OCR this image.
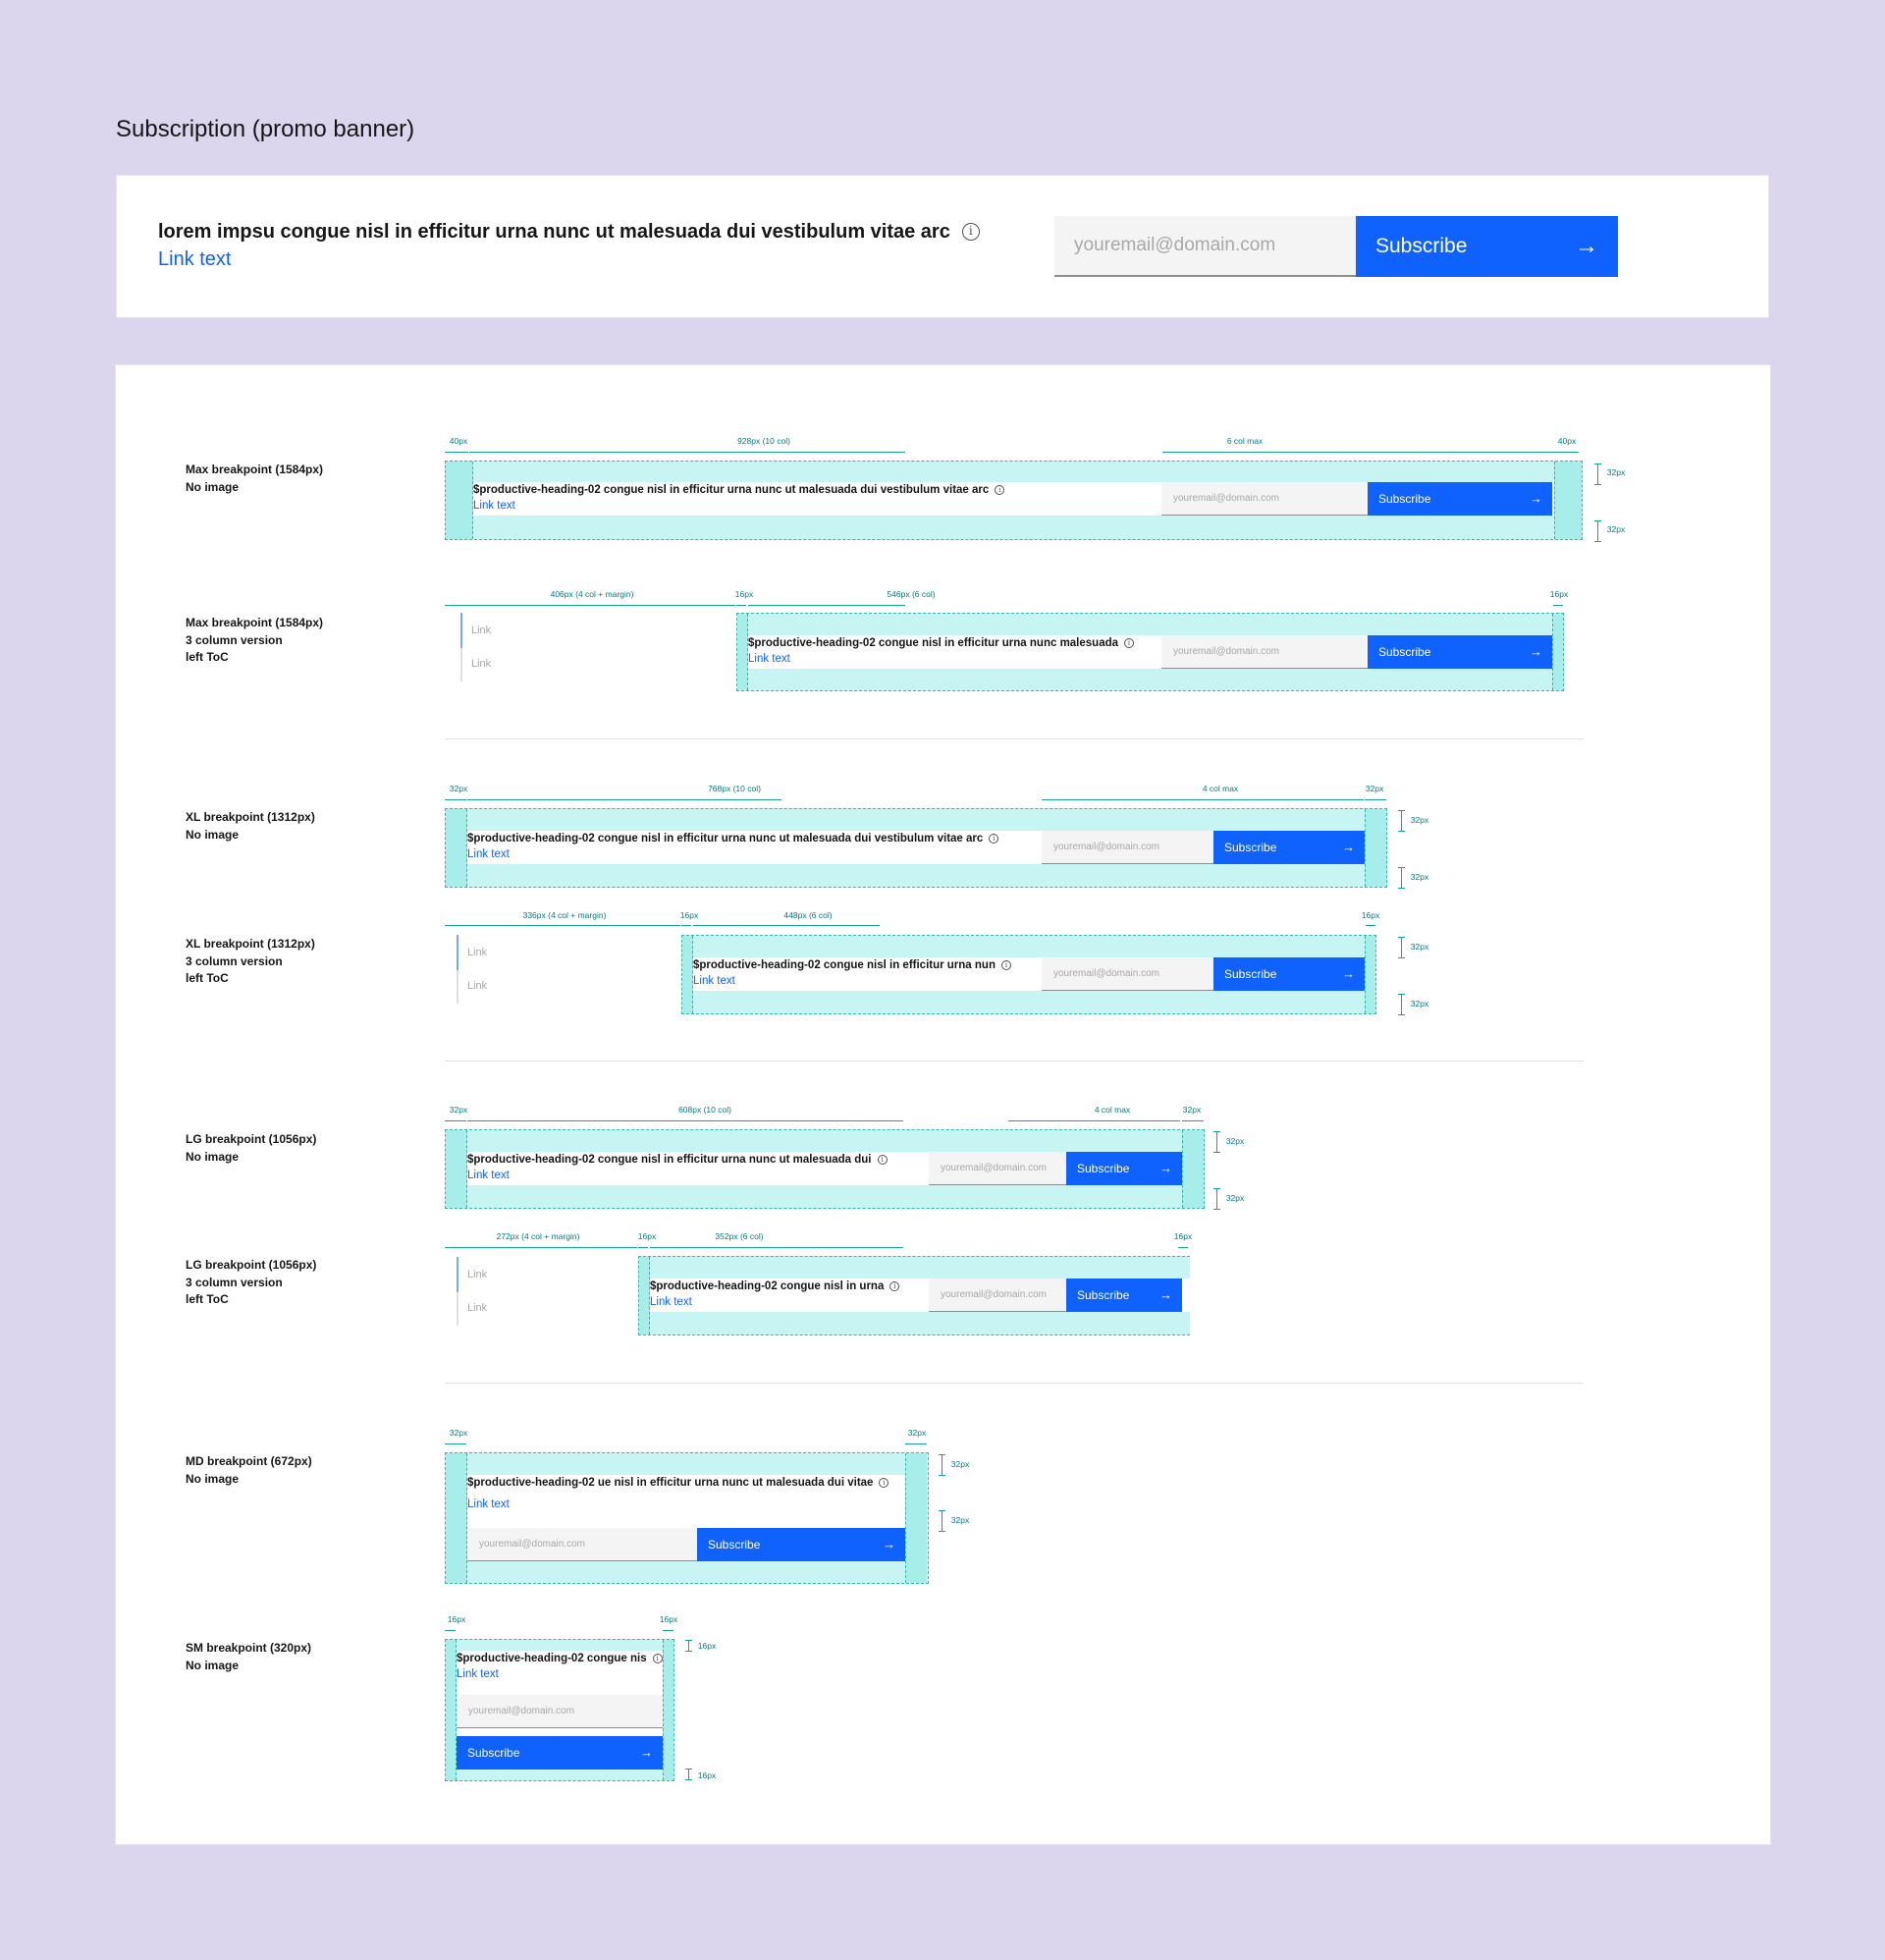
Subscription (promo banner)
lorem impsu congue nisl in efficitur urna nunc ut malesuada dui vestibulum vitae arc	i
Link text
youremail@domain.com	Subscribe	→
Max breakpoint (1584px)
No image
40px	928px (10 col)	6 col max	40px
32px
32px
$productive-heading-02 congue nisl in efficitur urna nunc ut malesuada dui vestibulum vitae arc	i
Link text
youremail@domain.com	Subscribe	→
Max breakpoint (1584px)
3 column version
left ToC
406px (4 col + margin)	16px	546px (6 col)	16px
Link
Link
$productive-heading-02 congue nisl in efficitur urna nunc malesuada	i
Link text
youremail@domain.com	Subscribe	→
XL breakpoint (1312px)
No image
32px	768px (10 col)	4 col max	32px
32px
32px
$productive-heading-02 congue nisl in efficitur urna nunc ut malesuada dui vestibulum vitae arc	i
Link text
youremail@domain.com	Subscribe	→
XL breakpoint (1312px)
3 column version
left ToC
336px (4 col + margin)	16px	448px (6 col)	16px
32px
32px
Link
Link
$productive-heading-02 congue nisl in efficitur urna nun	i
Link text
youremail@domain.com	Subscribe	→
LG breakpoint (1056px)
No image
32px	608px (10 col)	4 col max	32px
32px
32px
$productive-heading-02 congue nisl in efficitur urna nunc ut malesuada dui	i
Link text
youremail@domain.com	Subscribe →
LG breakpoint (1056px)
3 column version
left ToC
272px (4 col + margin)	16px	352px (6 col)	16px
Link
Link
$productive-heading-02 congue nisl in urna	i
Link text
youremail@domain.com	Subscribe →
MD breakpoint (672px)
No image
32px	32px
32px
32px
$productive-heading-02 ue nisl in efficitur urna nunc ut malesuada dui vitae	i
Link text
youremail@domain.com	Subscribe	→
SM breakpoint (320px)
No image
16px	16px
16px
16px
$productive-heading-02 congue nis	i
Link text
youremail@domain.com
Subscribe	→
